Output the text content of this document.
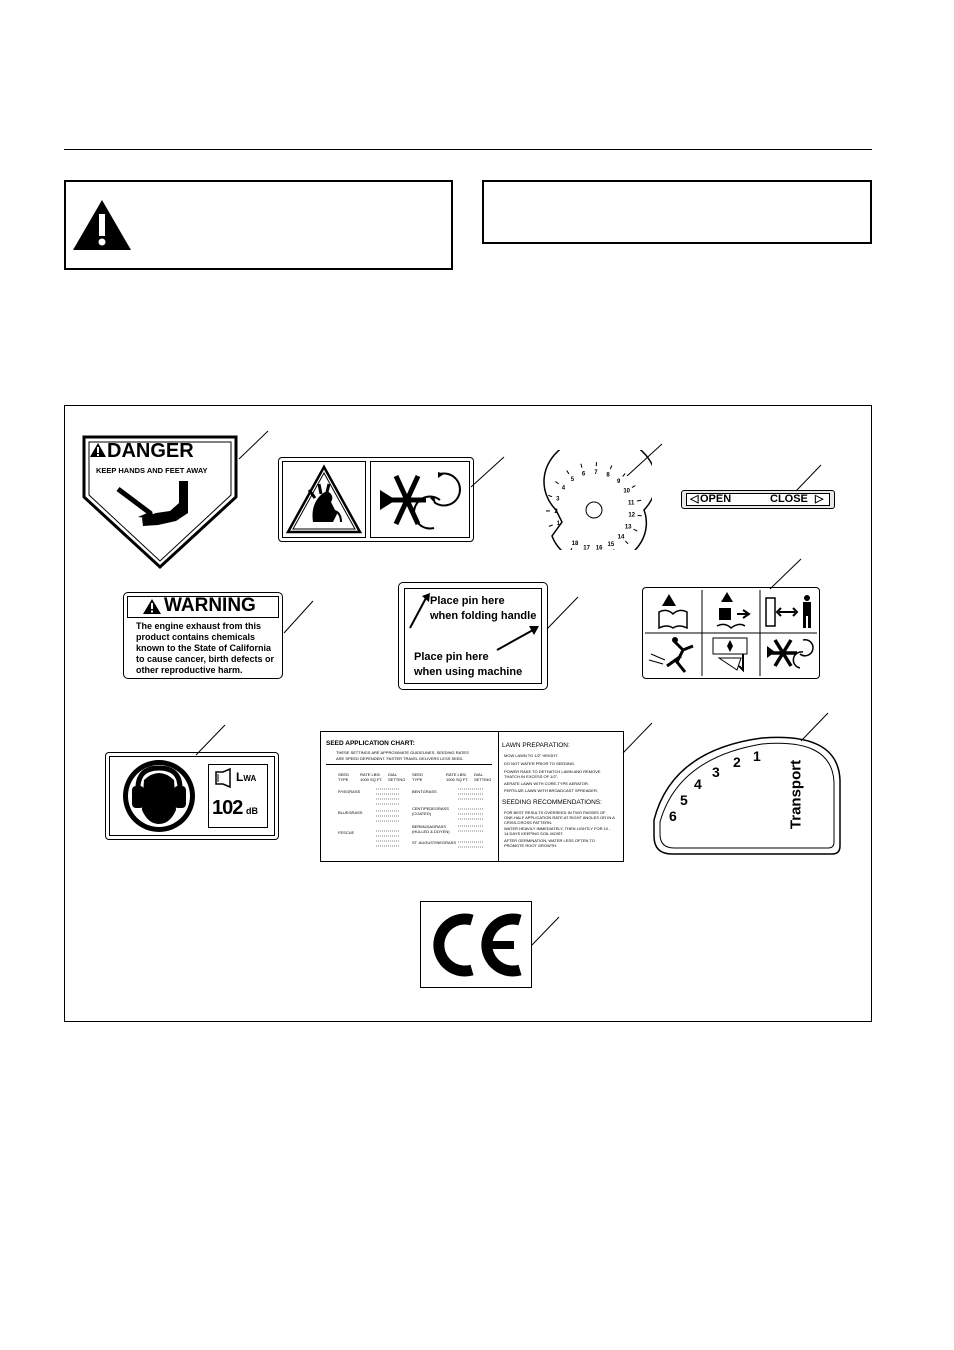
DANGER
KEEP HANDS AND FEET AWAY
1
2
3
4
5
6 7 8
9
10
11
12
13
14
15
16
17
18
◁ OPEN	CLOSE ▷
WARNING
The engine exhaust from this
product contains chemicals
known to the State of California
to cause cancer, birth defects or
other reproductive harm.
Place pin here
when folding handle
Place pin here
when using machine
LWA
102 dB
SEED APPLICATION CHART:
THESE SETTINGS ARE APPROXIMATE GUIDELINES, SEEDING RATES
ARE SPEED DEPENDENT. FASTER TRAVEL DELIVERS LESS SEED.
SEED TYPE
RATE LBS/ 1000 SQ.FT.
DIAL SETTING
SEED TYPE
RATE LBS/ 1000 SQ.FT.
DIAL SETTING
RYEGRASS
BLUEGRASS
FESCUE
BENTGRASS
CENTIPEDEGRASS (COATED)
BERMUDAGRASS (HULLED & DOYEN)
ST. AUGUSTINEGRASS
LAWN PREPARATION:
MOW LAWN TO 1/2" HEIGHT.
DO NOT WATER PRIOR TO SEEDING.
POWER RAKE TO DETHATCH LAWN AND REMOVE THATCH IN EXCESS OF 1/2".
AERATE LAWN WITH CORE-TYPE AERATOR.
FERTILIZE LAWN WITH BROADCAST SPREADER.
SEEDING RECOMMENDATIONS:
FOR BEST RESULTS OVERSEED IN TWO PASSES OF ONE-HALF APPLICATION RATE AT RIGHT ANGLES OR IN A CRISS-CROSS PATTERN.
WATER HEAVILY IMMEDIATELY, THEN LIGHTLY FOR 10 - 14 DAYS KEEPING SOIL MOIST.
AFTER GERMINATION, WATER LESS OFTEN TO PROMOTE ROOT GROWTH.
1
2
3
4
5
6	Transport
